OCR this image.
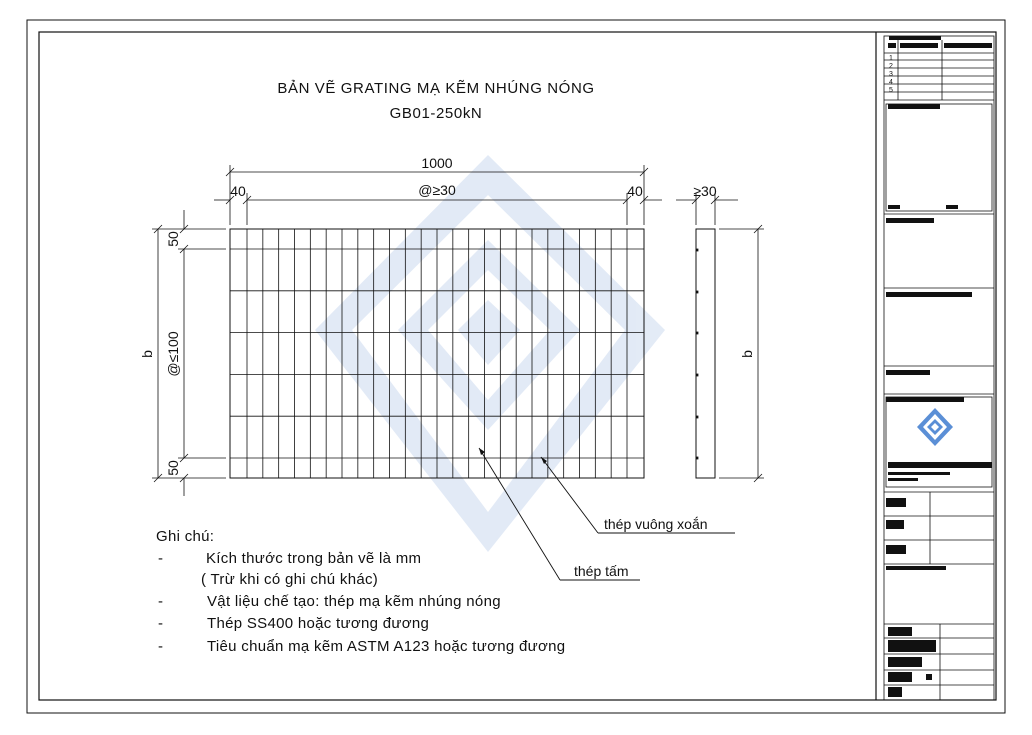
BẢN VẼ GRATING MẠ KẼM NHÚNG NÓNG
GB01-250kN
1000
@≥30
40	40
b @≤100
50
50
≥30
b
thép vuông xoắn
thép tấm
Ghi chú:
-	Kích thước trong bản vẽ là mm
( Trừ khi có ghi chú khác)
-	Vật liệu chế tạo: thép mạ kẽm nhúng nóng
-	Thép SS400 hoặc tương đương
-	Tiêu chuẩn mạ kẽm ASTM A123 hoặc tương đương
1
2
3
4
5
